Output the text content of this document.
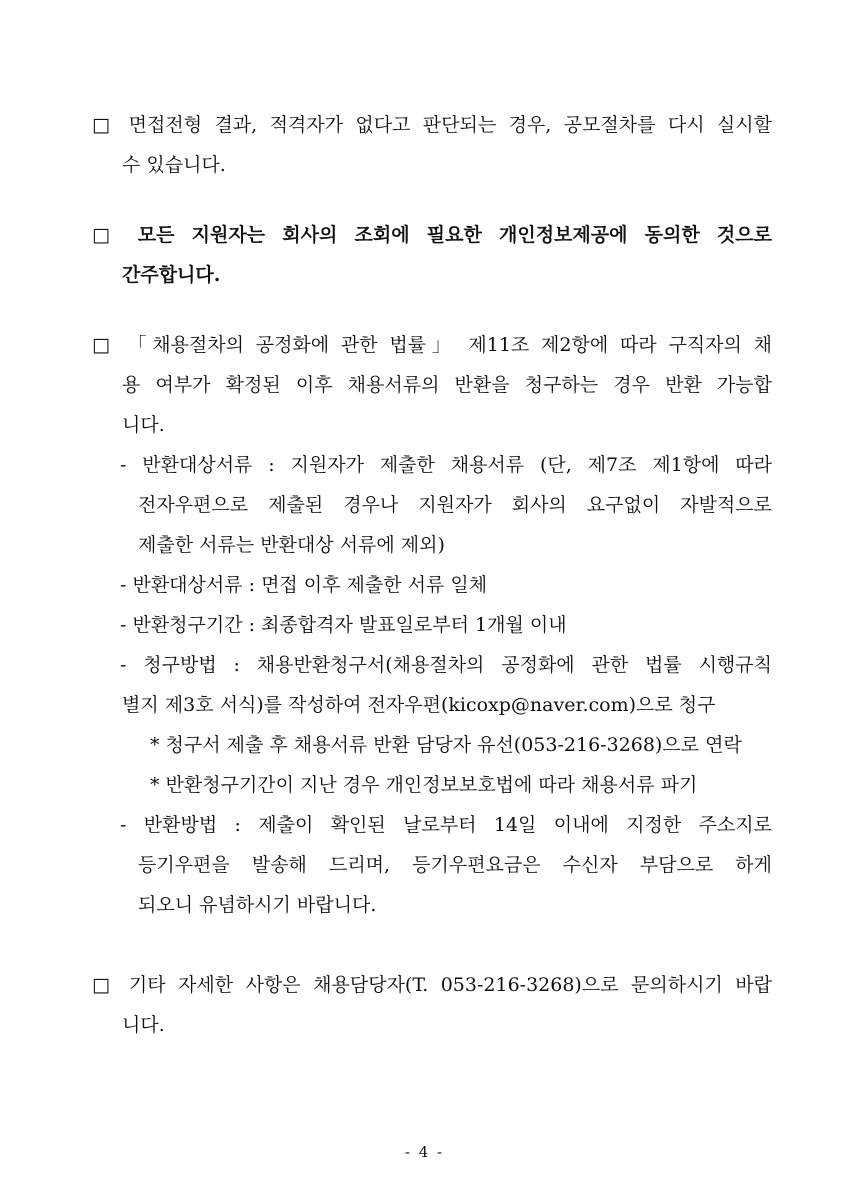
□ 면접전형 결과, 적격자가 없다고 판단되는 경우, 공모절차를 다시 실시할
수 있습니다.
□ 모든 지원자는 회사의 조회에 필요한 개인정보제공에 동의한 것으로
간주합니다.
□ 「채용절차의 공정화에 관한 법률」 제11조 제2항에 따라 구직자의 채
용 여부가 확정된 이후 채용서류의 반환을 청구하는 경우 반환 가능합
니다.
- 반환대상서류 : 지원자가 제출한 채용서류 (단, 제7조 제1항에 따라
전자우편으로 제출된 경우나 지원자가 회사의 요구없이 자발적으로
제출한 서류는 반환대상 서류에 제외)
- 반환대상서류 : 면접 이후 제출한 서류 일체
- 반환청구기간 : 최종합격자 발표일로부터 1개월 이내
- 청구방법 : 채용반환청구서(채용절차의 공정화에 관한 법률 시행규칙
별지 제3호 서식)를 작성하여 전자우편(kicoxp@naver.com)으로 청구
* 청구서 제출 후 채용서류 반환 담당자 유선(053-216-3268)으로 연락
* 반환청구기간이 지난 경우 개인정보보호법에 따라 채용서류 파기
- 반환방법 : 제출이 확인된 날로부터 14일 이내에 지정한 주소지로
등기우편을 발송해 드리며, 등기우편요금은 수신자 부담으로 하게
되오니 유념하시기 바랍니다.
□ 기타 자세한 사항은 채용담당자(T. 053-216-3268)으로 문의하시기 바랍
니다.
- 4 -
